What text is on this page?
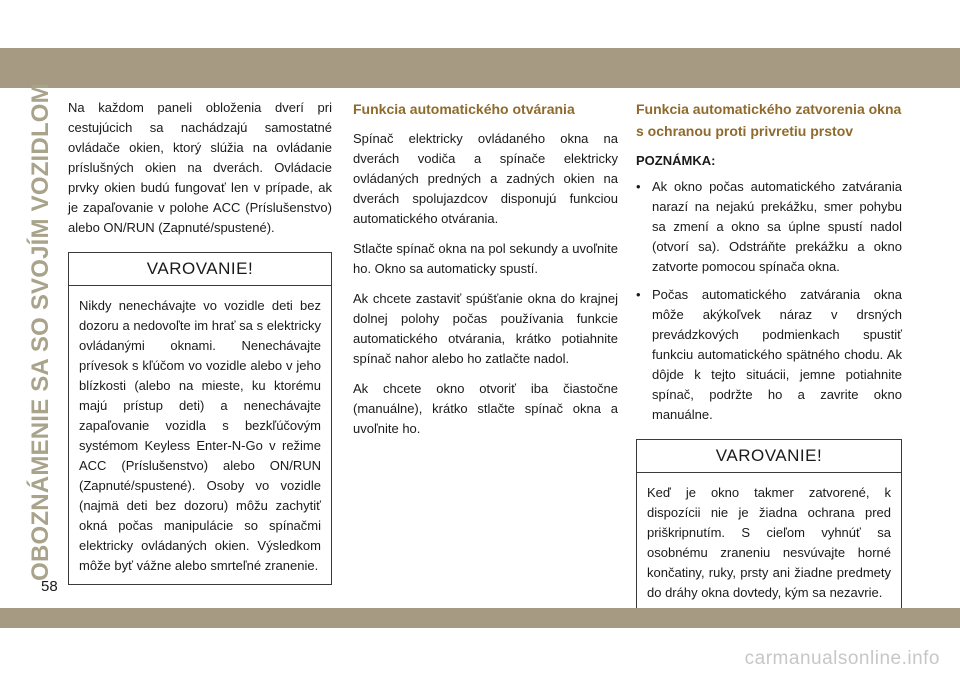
OBOZNÁMENIE SA SO SVOJÍM VOZIDLOM Na každom paneli obloženia dverí pri cestujúcich sa nachádzajú samostatné ovládače okien, ktorý slúžia na ovládanie príslušných okien na dverách. Ovládacie prvky okien budú fungovať len v prípade, ak je zapaľovanie v polohe ACC (Príslušenstvo) alebo ON/RUN (Zapnuté/spustené).

VAROVANIE!
Nikdy nenechávajte vo vozidle deti bez dozoru a nedovoľte im hrať sa s elektricky ovládanými oknami. Nenechávajte prívesok s kľúčom vo vozidle alebo v jeho blízkosti (alebo na mieste, ku ktorému majú prístup deti) a nenechávajte zapaľovanie vozidla s bezkľúčovým systémom Keyless Enter-N-Go v režime ACC (Príslušenstvo) alebo ON/RUN (Zapnuté/spustené). Osoby vo vozidle (najmä deti bez dozoru) môžu zachytiť okná počas manipulácie so spínačmi elektricky ovládaných okien. Výsledkom môže byť vážne alebo smrteľné zranenie.
Funkcia automatického otvárania

Spínač elektricky ovládaného okna na dverách vodiča a spínače elektricky ovládaných predných a zadných okien na dverách spolujazdcov disponujú funkciou automatického otvárania.

Stlačte spínač okna na pol sekundy a uvoľnite ho. Okno sa automaticky spustí.

Ak chcete zastaviť spúšťanie okna do krajnej dolnej polohy počas používania funkcie automatického otvárania, krátko potiahnite spínač nahor alebo ho zatlačte nadol.

Ak chcete okno otvoriť iba čiastočne (manuálne), krátko stlačte spínač okna a uvoľnite ho.

Funkcia automatického zatvorenia okna s ochranou proti privretiu prstov
POZNÁMKA:
• Ak okno počas automatického zatvárania narazí na nejakú prekážku, smer pohybu sa zmení a okno sa úplne spustí nadol (otvorí sa). Odstráňte prekážku a okno zatvorte pomocou spínača okna.
• Počas automatického zatvárania okna môže akýkoľvek náraz v drsných prevádzkových podmienkach spustiť funkciu automatického spätného chodu. Ak dôjde k tejto situácii, jemne potiahnite spínač, podržte ho a zavrite okno manuálne.
VAROVANIE!
Keď je okno takmer zatvorené, k dispozícii nie je žiadna ochrana pred priškripnutím. S cieľom vyhnúť sa osobnému zraneniu nesvúvajte horné končatiny, ruky, prsty ani žiadne predmety do dráhy okna dovtedy, kým sa nezavrie.
58
carmanualsonline.info
